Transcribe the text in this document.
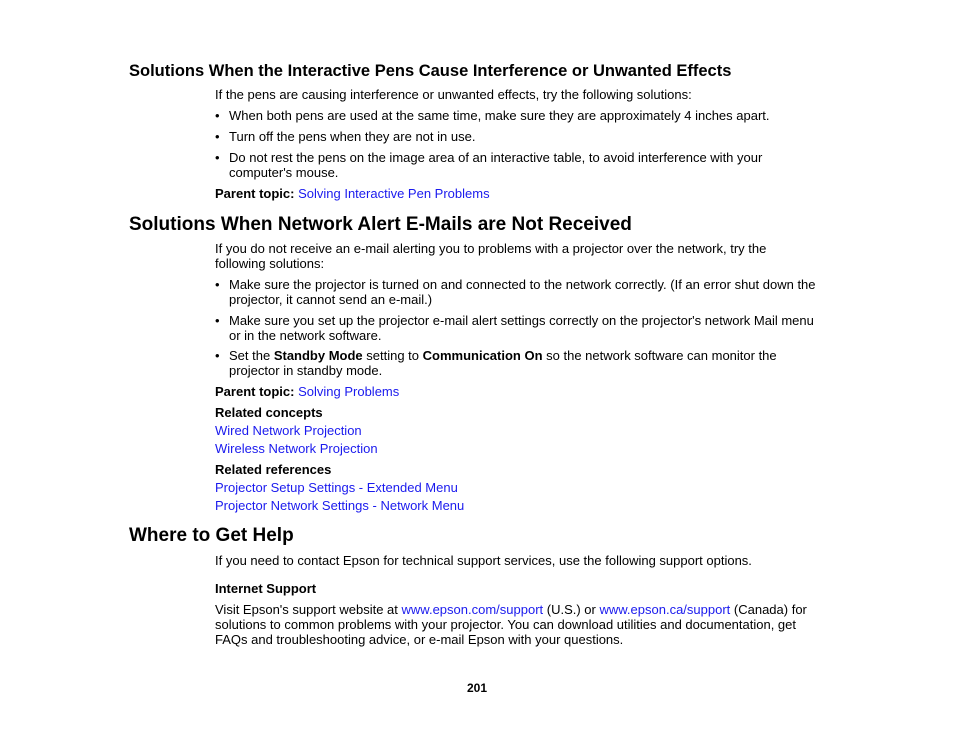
Solutions When the Interactive Pens Cause Interference or Unwanted Effects
If the pens are causing interference or unwanted effects, try the following solutions:
• When both pens are used at the same time, make sure they are approximately 4 inches apart.
• Turn off the pens when they are not in use.
• Do not rest the pens on the image area of an interactive table, to avoid interference with your computer's mouse.
Parent topic: Solving Interactive Pen Problems
Solutions When Network Alert E-Mails are Not Received
If you do not receive an e-mail alerting you to problems with a projector over the network, try the following solutions:
• Make sure the projector is turned on and connected to the network correctly. (If an error shut down the projector, it cannot send an e-mail.)
• Make sure you set up the projector e-mail alert settings correctly on the projector's network Mail menu or in the network software.
• Set the Standby Mode setting to Communication On so the network software can monitor the projector in standby mode.
Parent topic: Solving Problems
Related concepts
Wired Network Projection
Wireless Network Projection
Related references
Projector Setup Settings - Extended Menu
Projector Network Settings - Network Menu
Where to Get Help
If you need to contact Epson for technical support services, use the following support options.
Internet Support
Visit Epson's support website at www.epson.com/support (U.S.) or www.epson.ca/support (Canada) for solutions to common problems with your projector. You can download utilities and documentation, get FAQs and troubleshooting advice, or e-mail Epson with your questions.
201
